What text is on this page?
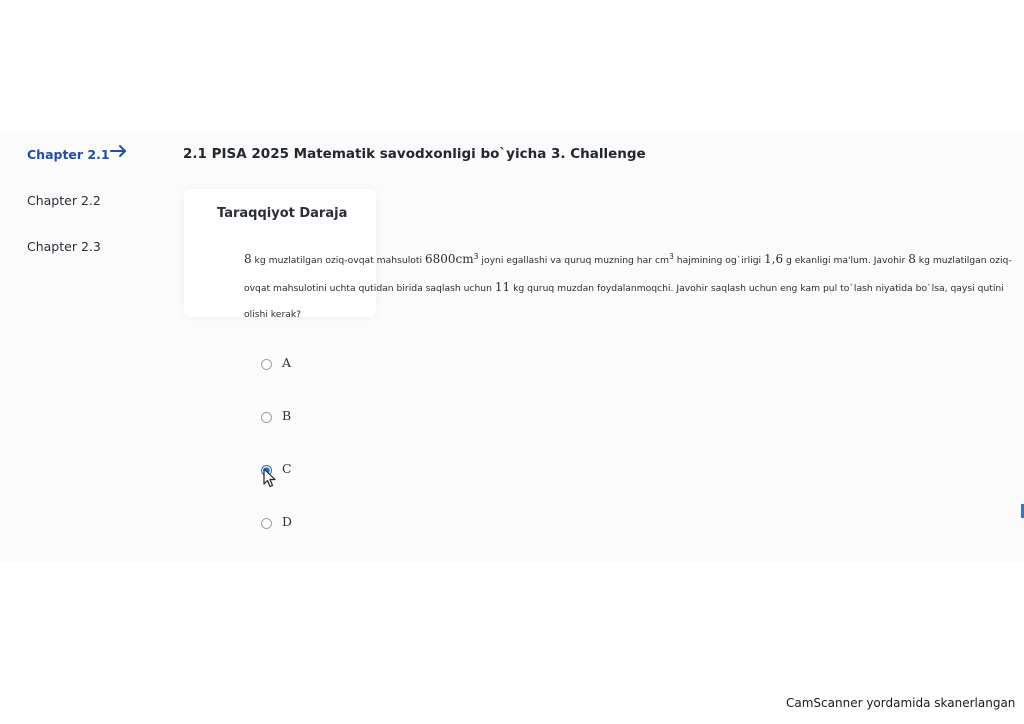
Chapter 2.1
Chapter 2.2
Chapter 2.3
2.1 PISA 2025 Matematik savodxonligi bo`yicha 3. Challenge
Taraqqiyot Daraja
8 kg muzlatilgan oziq-ovqat mahsuloti $6800cm^3$ joyni egallashi va quruq muzning har $cm^3$ hajmining og`irligi 1,6 g ekanligi ma'lum. Javohir 8 kg muzlatilgan oziq-ovqat mahsulotini uchta qutidan birida saqlash uchun 11 kg quruq muzdan foydalanmoqchi. Javohir saqlash uchun eng kam pul to`lash niyatida bo`lsa, qaysi qutini olishi kerak?
A
B
C
D
CamScanner yordamida skanerlangan
